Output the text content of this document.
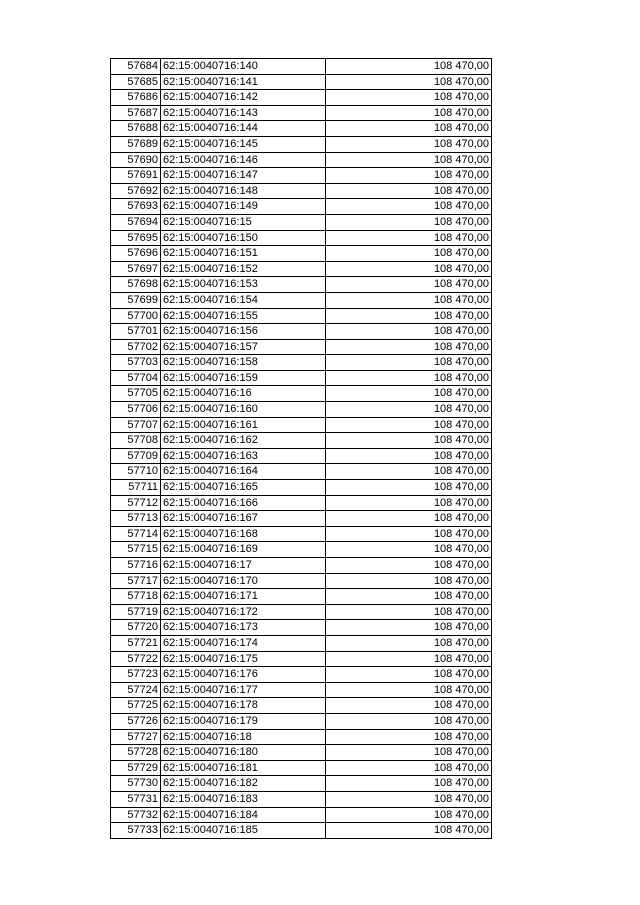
57684	62:15:0040716:140	108 470,00
57685	62:15:0040716:141	108 470,00
57686	62:15:0040716:142	108 470,00
57687	62:15:0040716:143	108 470,00
57688	62:15:0040716:144	108 470,00
57689	62:15:0040716:145	108 470,00
57690	62:15:0040716:146	108 470,00
57691	62:15:0040716:147	108 470,00
57692	62:15:0040716:148	108 470,00
57693	62:15:0040716:149	108 470,00
57694	62:15:0040716:15	108 470,00
57695	62:15:0040716:150	108 470,00
57696	62:15:0040716:151	108 470,00
57697	62:15:0040716:152	108 470,00
57698	62:15:0040716:153	108 470,00
57699	62:15:0040716:154	108 470,00
57700	62:15:0040716:155	108 470,00
57701	62:15:0040716:156	108 470,00
57702	62:15:0040716:157	108 470,00
57703	62:15:0040716:158	108 470,00
57704	62:15:0040716:159	108 470,00
57705	62:15:0040716:16	108 470,00
57706	62:15:0040716:160	108 470,00
57707	62:15:0040716:161	108 470,00
57708	62:15:0040716:162	108 470,00
57709	62:15:0040716:163	108 470,00
57710	62:15:0040716:164	108 470,00
57711	62:15:0040716:165	108 470,00
57712	62:15:0040716:166	108 470,00
57713	62:15:0040716:167	108 470,00
57714	62:15:0040716:168	108 470,00
57715	62:15:0040716:169	108 470,00
57716	62:15:0040716:17	108 470,00
57717	62:15:0040716:170	108 470,00
57718	62:15:0040716:171	108 470,00
57719	62:15:0040716:172	108 470,00
57720	62:15:0040716:173	108 470,00
57721	62:15:0040716:174	108 470,00
57722	62:15:0040716:175	108 470,00
57723	62:15:0040716:176	108 470,00
57724	62:15:0040716:177	108 470,00
57725	62:15:0040716:178	108 470,00
57726	62:15:0040716:179	108 470,00
57727	62:15:0040716:18	108 470,00
57728	62:15:0040716:180	108 470,00
57729	62:15:0040716:181	108 470,00
57730	62:15:0040716:182	108 470,00
57731	62:15:0040716:183	108 470,00
57732	62:15:0040716:184	108 470,00
57733	62:15:0040716:185	108 470,00
